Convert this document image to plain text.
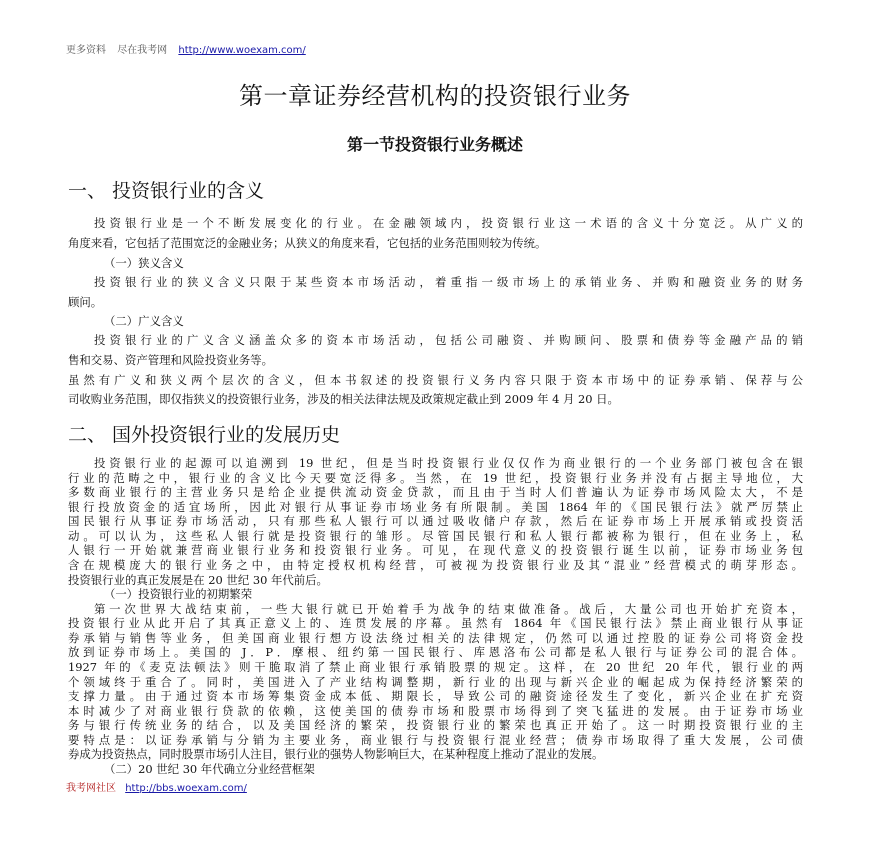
更多资料 尽在我考网 http://www.woexam.com/
第一章证券经营机构的投资银行业务
第一节投资银行业务概述
一、 投资银行业的含义
投资银行业是一个不断发展变化的行业。在金融领域内，投资银行业这一术语的含义十分宽泛。从广义的
角度来看，它包括了范围宽泛的金融业务；从狭义的角度来看，它包括的业务范围则较为传统。
（一）狭义含义
投资银行业的狭义含义只限于某些资本市场活动，着重指一级市场上的承销业务、并购和融资业务的财务
顾问。
（二）广义含义
投资银行业的广义含义涵盖众多的资本市场活动，包括公司融资、并购顾问、股票和债券等金融产品的销
售和交易、资产管理和风险投资业务等。
虽然有广义和狭义两个层次的含义，但本书叙述的投资银行义务内容只限于资本市场中的证券承销、保荐与公
司收购业务范围，即仅指狭义的投资银行业务，涉及的相关法律法规及政策规定截止到 2009 年 4 月 20 日。
二、 国外投资银行业的发展历史
投资银行业的起源可以追溯到 19 世纪，但是当时投资银行业仅仅作为商业银行的一个业务部门被包含在银
行业的范畴之中，银行业的含义比今天要宽泛得多。当然，在 19 世纪，投资银行业务并没有占据主导地位，大
多数商业银行的主营业务只是给企业提供流动资金贷款，而且由于当时人们普遍认为证券市场风险太大，不是
银行投放资金的适宜场所，因此对银行从事证券市场业务有所限制。美国 1864 年的《国民银行法》就严厉禁止
国民银行从事证券市场活动，只有那些私人银行可以通过吸收储户存款，然后在证券市场上开展承销或投资活
动。可以认为，这些私人银行就是投资银行的雏形。尽管国民银行和私人银行都被称为银行，但在业务上，私
人银行一开始就兼营商业银行业务和投资银行业务。可见，在现代意义的投资银行诞生以前，证券市场业务包
含在规模庞大的银行业务之中，由特定授权机构经营，可被视为投资银行业及其“混业”经营模式的萌芽形态。
投资银行业的真正发展是在 20 世纪 30 年代前后。
（一）投资银行业的初期繁荣
第一次世界大战结束前，一些大银行就已开始着手为战争的结束做准备。战后，大量公司也开始扩充资本，
投资银行业从此开启了其真正意义上的、连贯发展的序幕。虽然有 1864 年《国民银行法》禁止商业银行从事证
券承销与销售等业务，但美国商业银行想方设法绕过相关的法律规定，仍然可以通过控股的证券公司将资金投
放到证券市场上。美国的 J．P．摩根、纽约第一国民银行、库恩洛布公司都是私人银行与证券公司的混合体。
1927 年的《麦克法顿法》则干脆取消了禁止商业银行承销股票的规定。这样，在 20 世纪 20 年代，银行业的两
个领域终于重合了。同时，美国进入了产业结构调整期，新行业的出现与新兴企业的崛起成为保持经济繁荣的
支撑力量。由于通过资本市场筹集资金成本低、期限长，导致公司的融资途径发生了变化，新兴企业在扩充资
本时减少了对商业银行贷款的依赖，这使美国的债券市场和股票市场得到了突飞猛进的发展。由于证券市场业
务与银行传统业务的结合，以及美国经济的繁荣，投资银行业的繁荣也真正开始了。这一时期投资银行业的主
要特点是：以证券承销与分销为主要业务，商业银行与投资银行混业经营；债券市场取得了重大发展，公司债
券成为投资热点，同时股票市场引人注目，银行业的强势人物影响巨大，在某种程度上推动了混业的发展。
（二）20 世纪 30 年代确立分业经营框架
我考网社区 http://bbs.woexam.com/
